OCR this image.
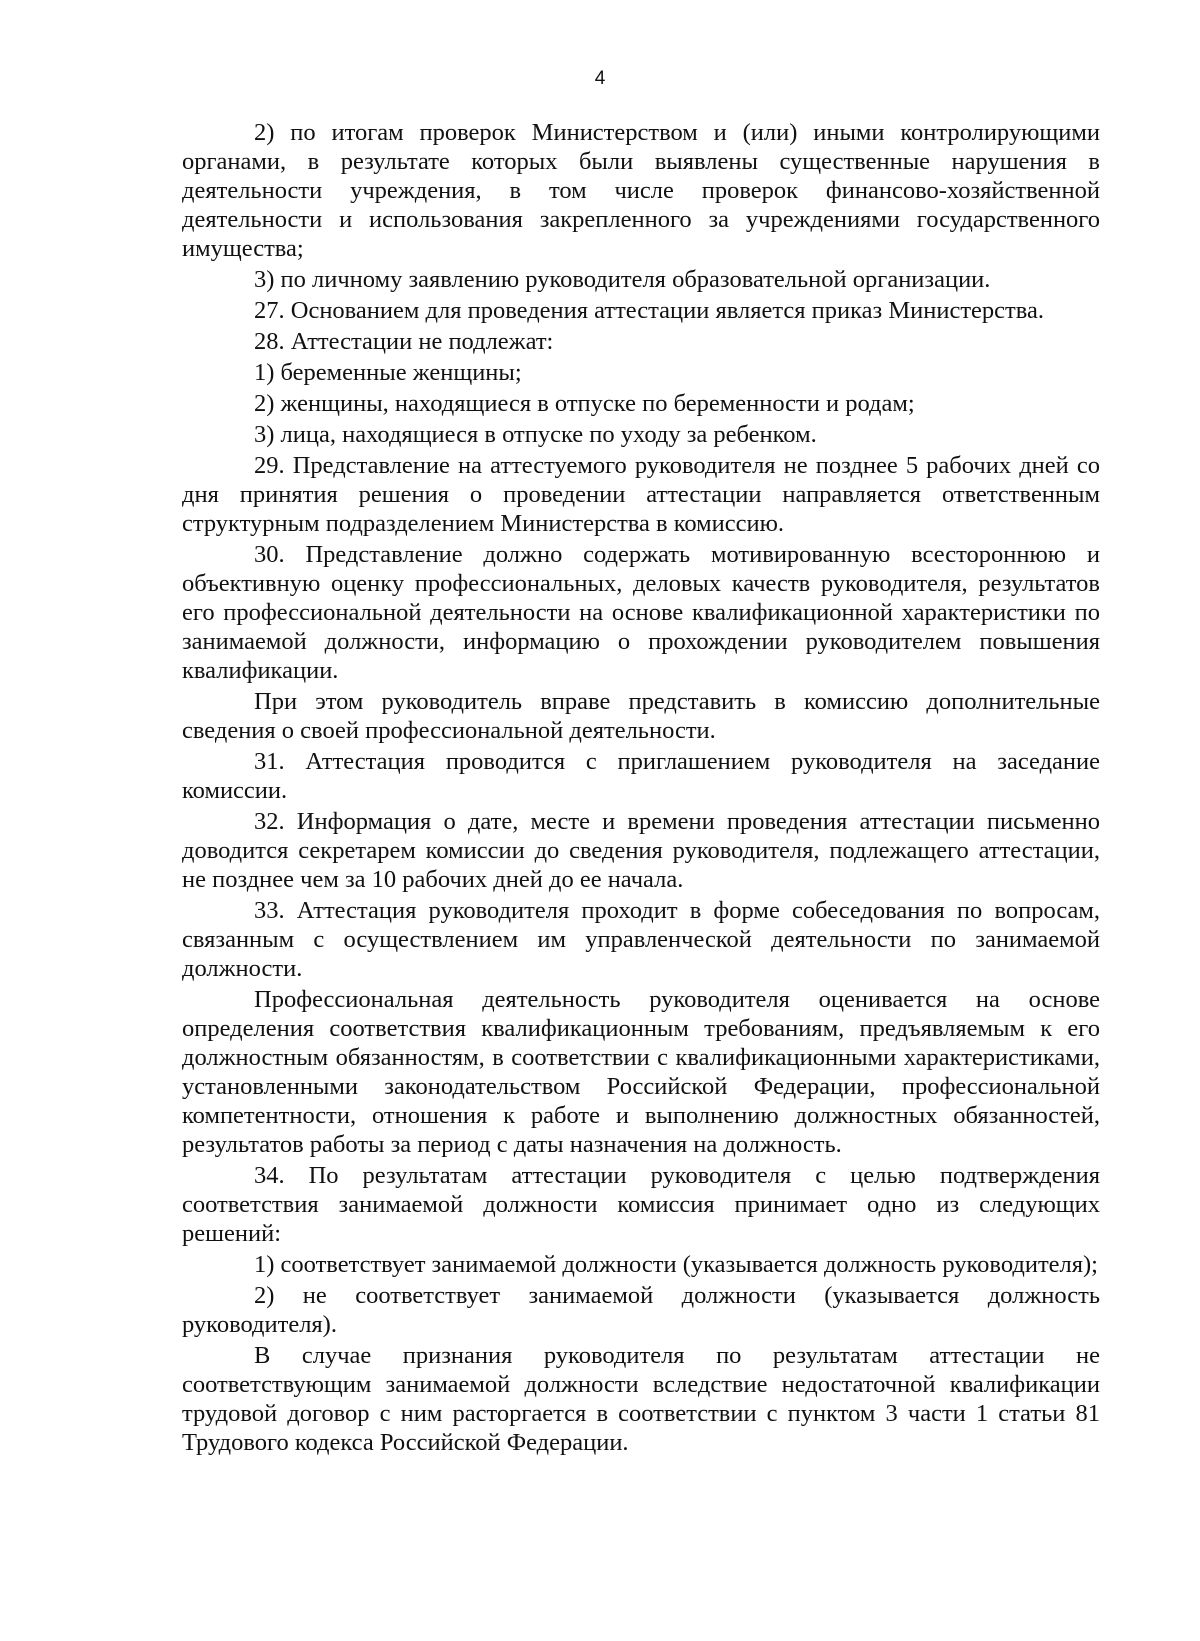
4

2) по итогам проверок Министерством и (или) иными контролирующими органами, в результате которых были выявлены существенные нарушения в деятельности учреждения, в том числе проверок финансово-хозяйственной деятельности и использования закрепленного за учреждениями государственного имущества;

3) по личному заявлению руководителя образовательной организации.

27. Основанием для проведения аттестации является приказ Министерства.

28. Аттестации не подлежат:

1) беременные женщины;

2) женщины, находящиеся в отпуске по беременности и родам;

3) лица, находящиеся в отпуске по уходу за ребенком.

29. Представление на аттестуемого руководителя не позднее 5 рабочих дней со дня принятия решения о проведении аттестации направляется ответственным структурным подразделением Министерства в комиссию.

30. Представление должно содержать мотивированную всестороннюю и объективную оценку профессиональных, деловых качеств руководителя, результатов его профессиональной деятельности на основе квалификационной характеристики по занимаемой должности, информацию о прохождении руководителем повышения квалификации.

При этом руководитель вправе представить в комиссию дополнительные сведения о своей профессиональной деятельности.

31. Аттестация проводится с приглашением руководителя на заседание комиссии.

32. Информация о дате, месте и времени проведения аттестации письменно доводится секретарем комиссии до сведения руководителя, подлежащего аттестации, не позднее чем за 10 рабочих дней до ее начала.

33. Аттестация руководителя проходит в форме собеседования по вопросам, связанным с осуществлением им управленческой деятельности по занимаемой должности.

Профессиональная деятельность руководителя оценивается на основе определения соответствия квалификационным требованиям, предъявляемым к его должностным обязанностям, в соответствии с квалификационными характеристиками, установленными законодательством Российской Федерации, профессиональной компетентности, отношения к работе и выполнению должностных обязанностей, результатов работы за период с даты назначения на должность.

34. По результатам аттестации руководителя с целью подтверждения соответствия занимаемой должности комиссия принимает одно из следующих решений:

1) соответствует занимаемой должности (указывается должность руководителя);

2) не соответствует занимаемой должности (указывается должность руководителя).

В случае признания руководителя по результатам аттестации не соответствующим занимаемой должности вследствие недостаточной квалификации трудовой договор с ним расторгается в соответствии с пунктом 3 части 1 статьи 81 Трудового кодекса Российской Федерации.
